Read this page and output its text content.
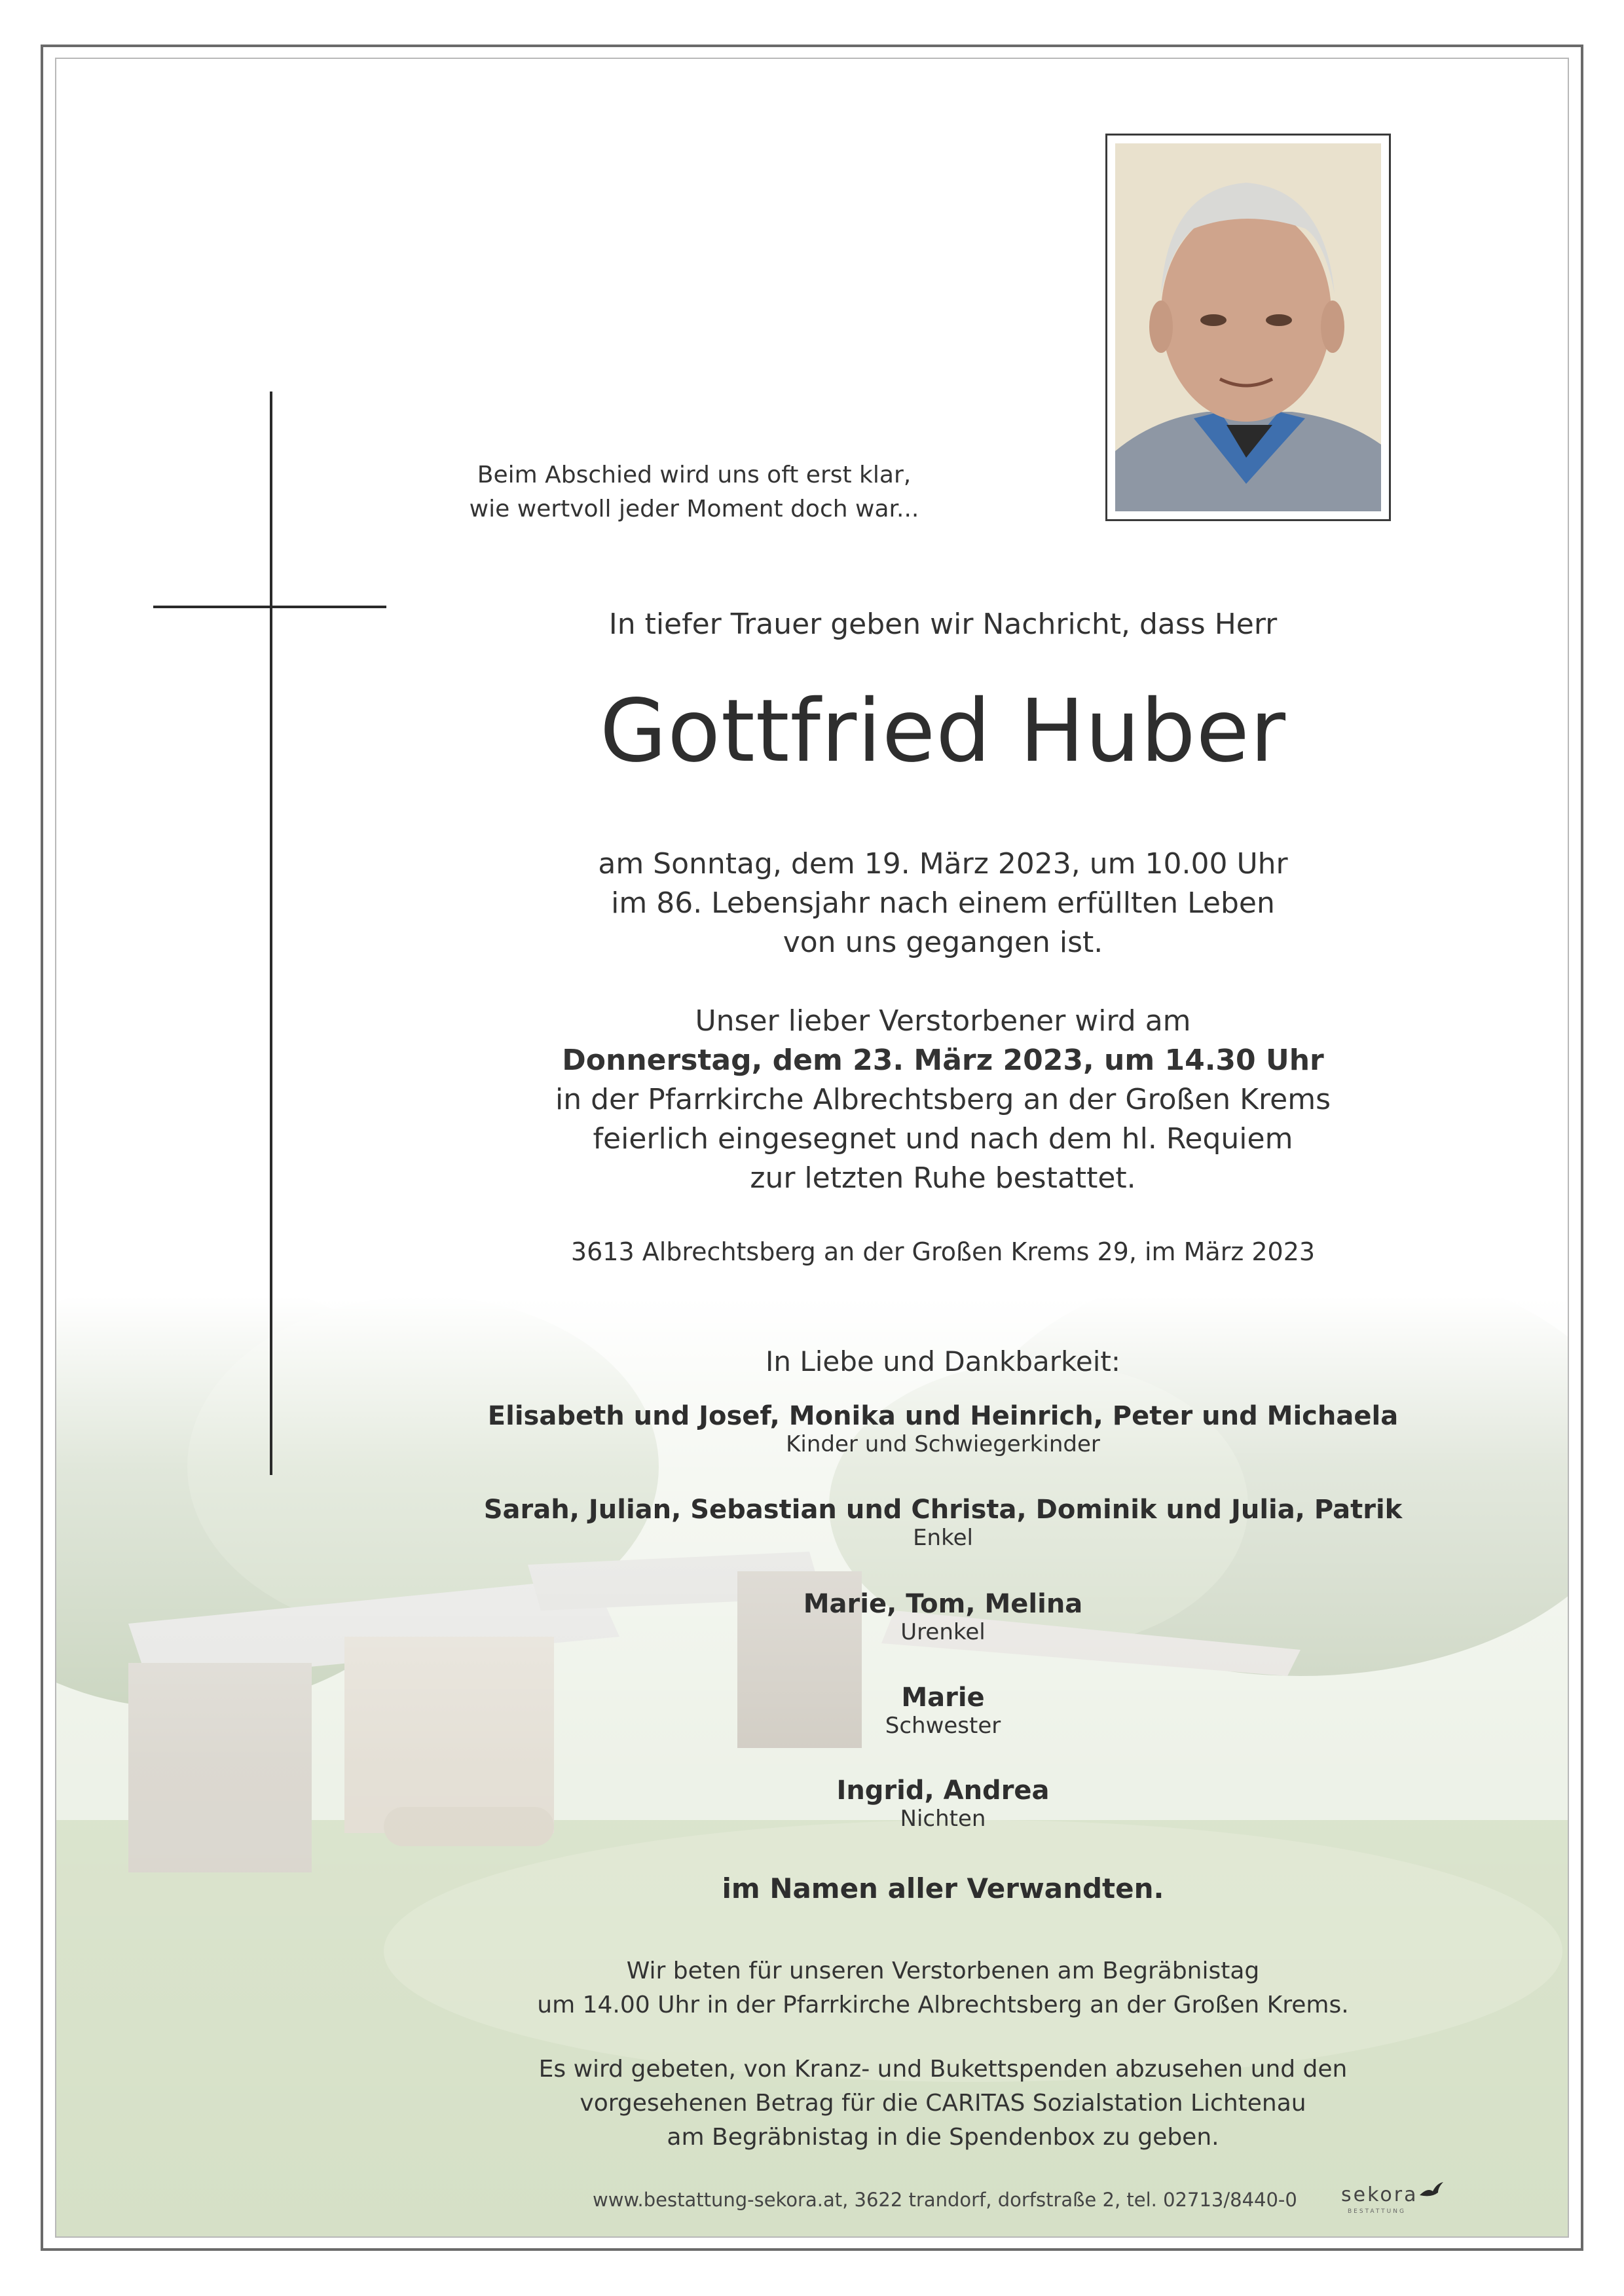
Beim Abschied wird uns oft erst klar,
wie wertvoll jeder Moment doch war...
In tiefer Trauer geben wir Nachricht, dass Herr
Gottfried Huber
am Sonntag, dem 19. März 2023, um 10.00 Uhr
im 86. Lebensjahr nach einem erfüllten Leben
von uns gegangen ist.
Unser lieber Verstorbener wird am
Donnerstag, dem 23. März 2023, um 14.30 Uhr
in der Pfarrkirche Albrechtsberg an der Großen Krems
feierlich eingesegnet und nach dem hl. Requiem
zur letzten Ruhe bestattet.
3613 Albrechtsberg an der Großen Krems 29, im März 2023
In Liebe und Dankbarkeit:
Elisabeth und Josef, Monika und Heinrich, Peter und Michaela
Kinder und Schwiegerkinder
Sarah, Julian, Sebastian und Christa, Dominik und Julia, Patrik
Enkel
Marie, Tom, Melina
Urenkel
Marie
Schwester
Ingrid, Andrea
Nichten
im Namen aller Verwandten.
Wir beten für unseren Verstorbenen am Begräbnistag
um 14.00 Uhr in der Pfarrkirche Albrechtsberg an der Großen Krems.
Es wird gebeten, von Kranz- und Bukettspenden abzusehen und den
vorgesehenen Betrag für die CARITAS Sozialstation Lichtenau
am Begräbnistag in die Spendenbox zu geben.
www.bestattung-sekora.at, 3622 trandorf, dorfstraße 2, tel. 02713/8440-0 sekora
BESTATTUNG
